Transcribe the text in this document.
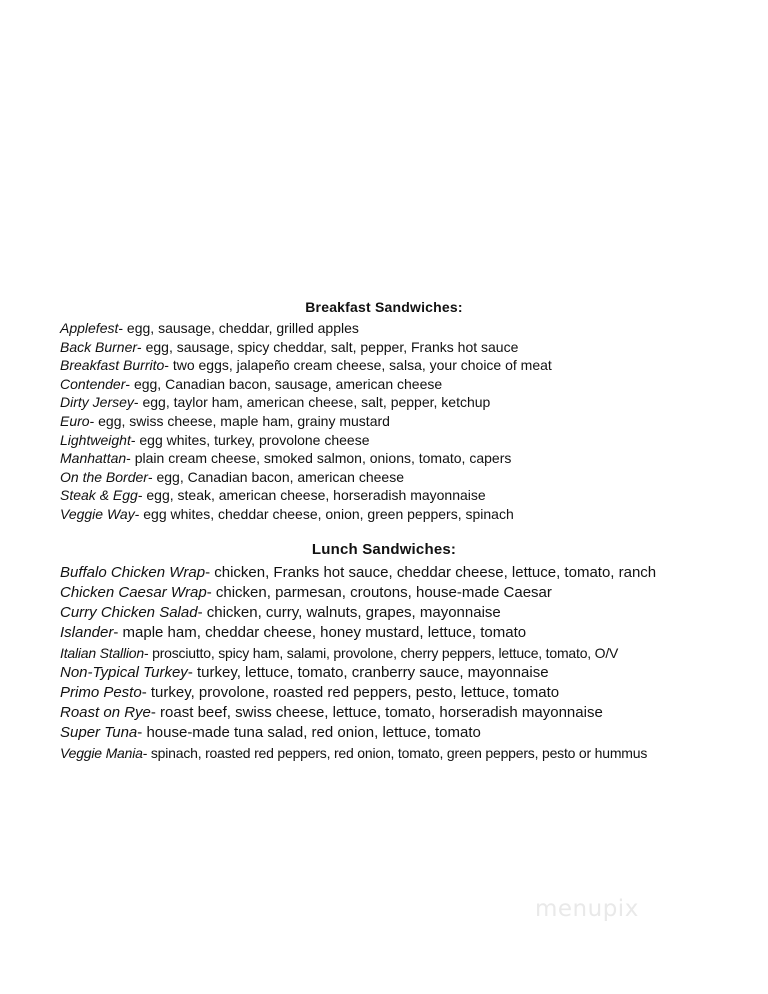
Breakfast Sandwiches:
Applefest- egg, sausage, cheddar, grilled apples
Back Burner- egg, sausage, spicy cheddar, salt, pepper, Franks hot sauce
Breakfast Burrito- two eggs, jalapeño cream cheese, salsa, your choice of meat
Contender- egg, Canadian bacon, sausage, american cheese
Dirty Jersey- egg, taylor ham, american cheese, salt, pepper, ketchup
Euro- egg, swiss cheese, maple ham, grainy mustard
Lightweight- egg whites, turkey, provolone cheese
Manhattan- plain cream cheese, smoked salmon, onions, tomato, capers
On the Border- egg, Canadian bacon, american cheese
Steak & Egg- egg, steak, american cheese, horseradish mayonnaise
Veggie Way- egg whites, cheddar cheese, onion, green peppers, spinach
Lunch Sandwiches:
Buffalo Chicken Wrap- chicken, Franks hot sauce, cheddar cheese, lettuce, tomato, ranch
Chicken Caesar Wrap- chicken, parmesan, croutons, house-made Caesar
Curry Chicken Salad- chicken, curry, walnuts, grapes, mayonnaise
Islander- maple ham, cheddar cheese, honey mustard, lettuce, tomato
Italian Stallion- prosciutto, spicy ham, salami, provolone, cherry peppers, lettuce, tomato, O/V
Non-Typical Turkey- turkey, lettuce, tomato, cranberry sauce, mayonnaise
Primo Pesto- turkey, provolone, roasted red peppers, pesto, lettuce, tomato
Roast on Rye- roast beef, swiss cheese, lettuce, tomato, horseradish mayonnaise
Super Tuna- house-made tuna salad, red onion, lettuce, tomato
Veggie Mania- spinach, roasted red peppers, red onion, tomato, green peppers, pesto or hummus
menupix
